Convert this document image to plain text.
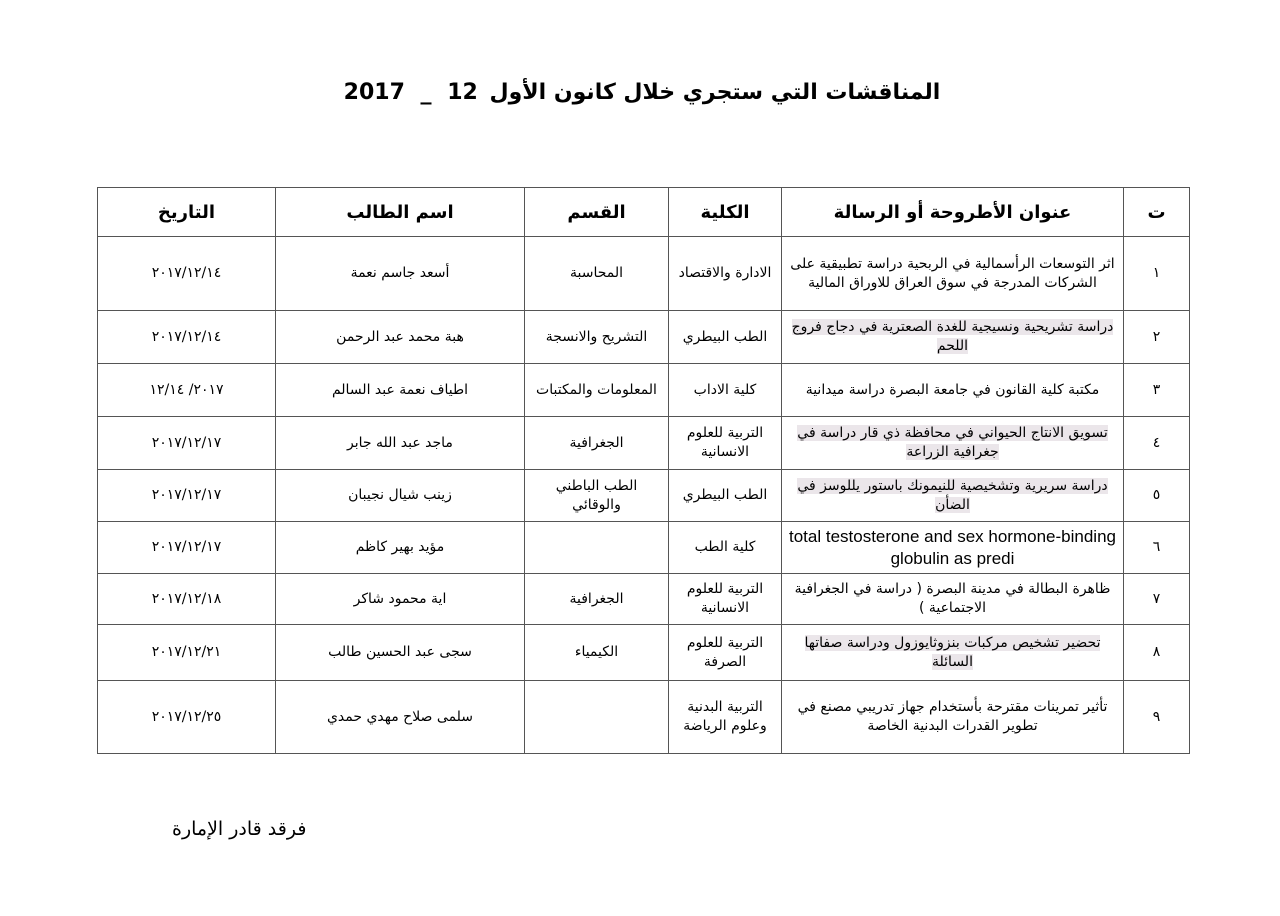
المناقشات التي ستجري خلال كانون الأول 12 _ 2017
ت	عنوان الأطروحة أو الرسالة	الكلية	القسم	اسم الطالب	التاريخ
١	اثر التوسعات الرأسمالية في الربحية دراسة تطبيقية على الشركات المدرجة في سوق العراق للاوراق المالية	الادارة والاقتصاد	المحاسبة	أسعد جاسم نعمة	٢٠١٧/١٢/١٤
٢	دراسة تشريحية ونسيجية للغدة الصعترية في دجاج فروج اللحم	الطب البيطري	التشريح والانسجة	هبة محمد عبد الرحمن	٢٠١٧/١٢/١٤
٣	مكتبة كلية القانون في جامعة البصرة دراسة ميدانية	كلية الاداب	المعلومات والمكتبات	اطياف نعمة عبد السالم	٢٠١٧/ ١٢/١٤
٤	تسويق الانتاج الحيواني في محافظة ذي قار دراسة في جغرافية الزراعة	التربية للعلوم الانسانية	الجغرافية	ماجد عبد الله جابر	٢٠١٧/١٢/١٧
٥	دراسة سريرية وتشخيصية للنيمونك باستور يللوسز في الضأن	الطب البيطري	الطب الباطني والوقائي	زينب شيال نجيبان	٢٠١٧/١٢/١٧
٦	total testosterone and sex hormone-binding globulin as predi	كلية الطب		مؤيد بهير كاظم	٢٠١٧/١٢/١٧
٧	ظاهرة البطالة في مدينة البصرة ( دراسة في الجغرافية الاجتماعية )	التربية للعلوم الانسانية	الجغرافية	اية محمود شاكر	٢٠١٧/١٢/١٨
٨	تحضير تشخيص مركبات بنزوثايوزول ودراسة صفاتها السائلة	التربية للعلوم الصرفة	الكيمياء	سجى عبد الحسين طالب	٢٠١٧/١٢/٢١
٩	تأثير تمرينات مقترحة بأستخدام جهاز تدريبي مصنع في تطوير القدرات البدنية الخاصة	التربية البدنية وعلوم الرياضة		سلمى صلاح مهدي حمدي	٢٠١٧/١٢/٢٥
فرقد قادر الإمارة
